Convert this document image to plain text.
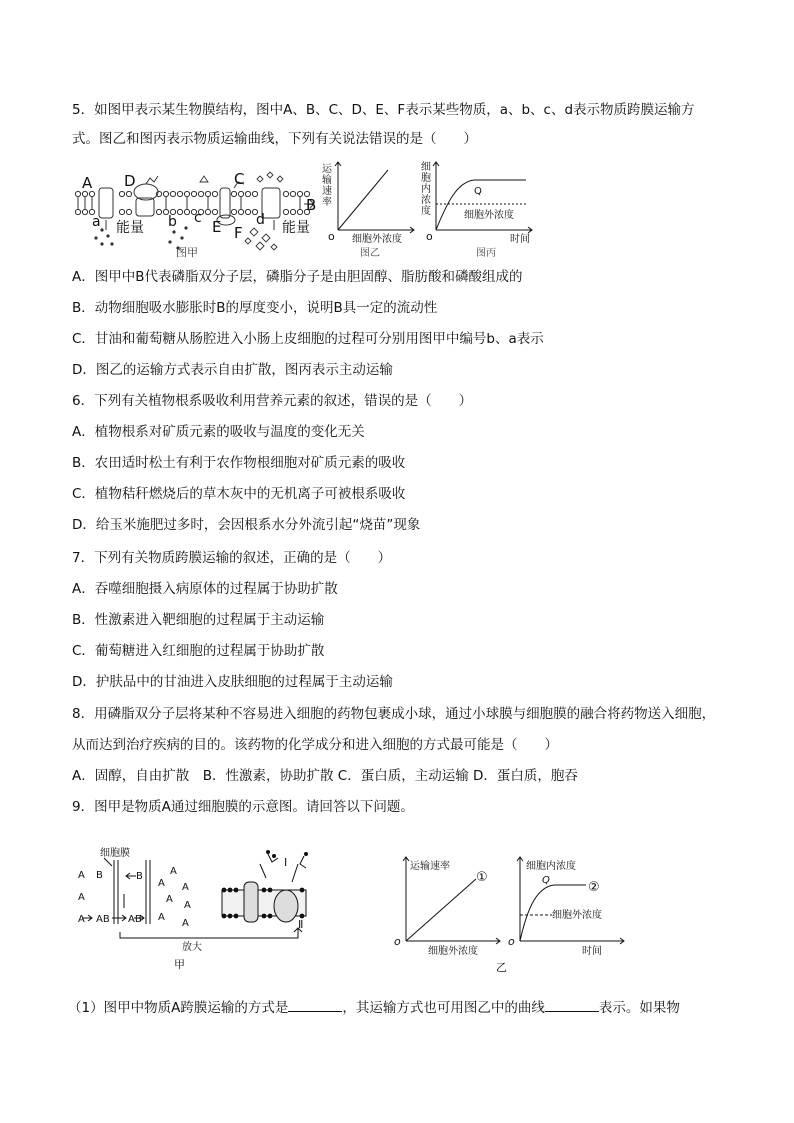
5．如图甲表示某生物膜结构，图中A、B、C、D、E、F表示某些物质，a、b、c、d表示物质跨膜运输方
式。图乙和图丙表示物质运输曲线，下列有关说法错误的是（　　）
A
B
C
D
E F
a	b c	d
能量	能量
图甲
运
输
速
率
细胞外浓度
o
图乙
细
胞
内
浓
度
Q
细胞外浓度
时间
o
图丙
A．图甲中B代表磷脂双分子层，磷脂分子是由胆固醇、脂肪酸和磷酸组成的
B．动物细胞吸水膨胀时B的厚度变小，说明B具一定的流动性
C．甘油和葡萄糖从肠腔进入小肠上皮细胞的过程可分别用图甲中编号b、a表示
D．图乙的运输方式表示自由扩散，图丙表示主动运输
6．下列有关植物根系吸收利用营养元素的叙述，错误的是（　　）
A．植物根系对矿质元素的吸收与温度的变化无关
B．农田适时松土有利于农作物根细胞对矿质元素的吸收
C．植物秸秆燃烧后的草木灰中的无机离子可被根系吸收
D．给玉米施肥过多时，会因根系水分外流引起“烧苗”现象
7．下列有关物质跨膜运输的叙述，正确的是（　　）
A．吞噬细胞摄入病原体的过程属于协助扩散
B．性激素进入靶细胞的过程属于主动运输
C．葡萄糖进入红细胞的过程属于协助扩散
D．护肤品中的甘油进入皮肤细胞的过程属于主动运输
8．用磷脂双分子层将某种不容易进入细胞的药物包裹成小球，通过小球膜与细胞膜的融合将药物送入细胞，
从而达到治疗疾病的目的。该药物的化学成分和进入细胞的方式最可能是（　　）
A．固醇，自由扩散　B．性激素，协助扩散 C．蛋白质，主动运输 D．蛋白质，胞吞
9．图甲是物质A通过细胞膜的示意图。请回答以下问题。
细胞膜
A
A
A
B	B
AB AB
A
A A
A
A
A
A
放大
Ⅱ
Ⅰ
甲
运输速率
①
细胞外浓度
o
细胞内浓度
Q	②
细胞外浓度
时间
o
乙
（1）图甲中物质A跨膜运输的方式是	，其运输方式也可用图乙中的曲线	表示。如果物
